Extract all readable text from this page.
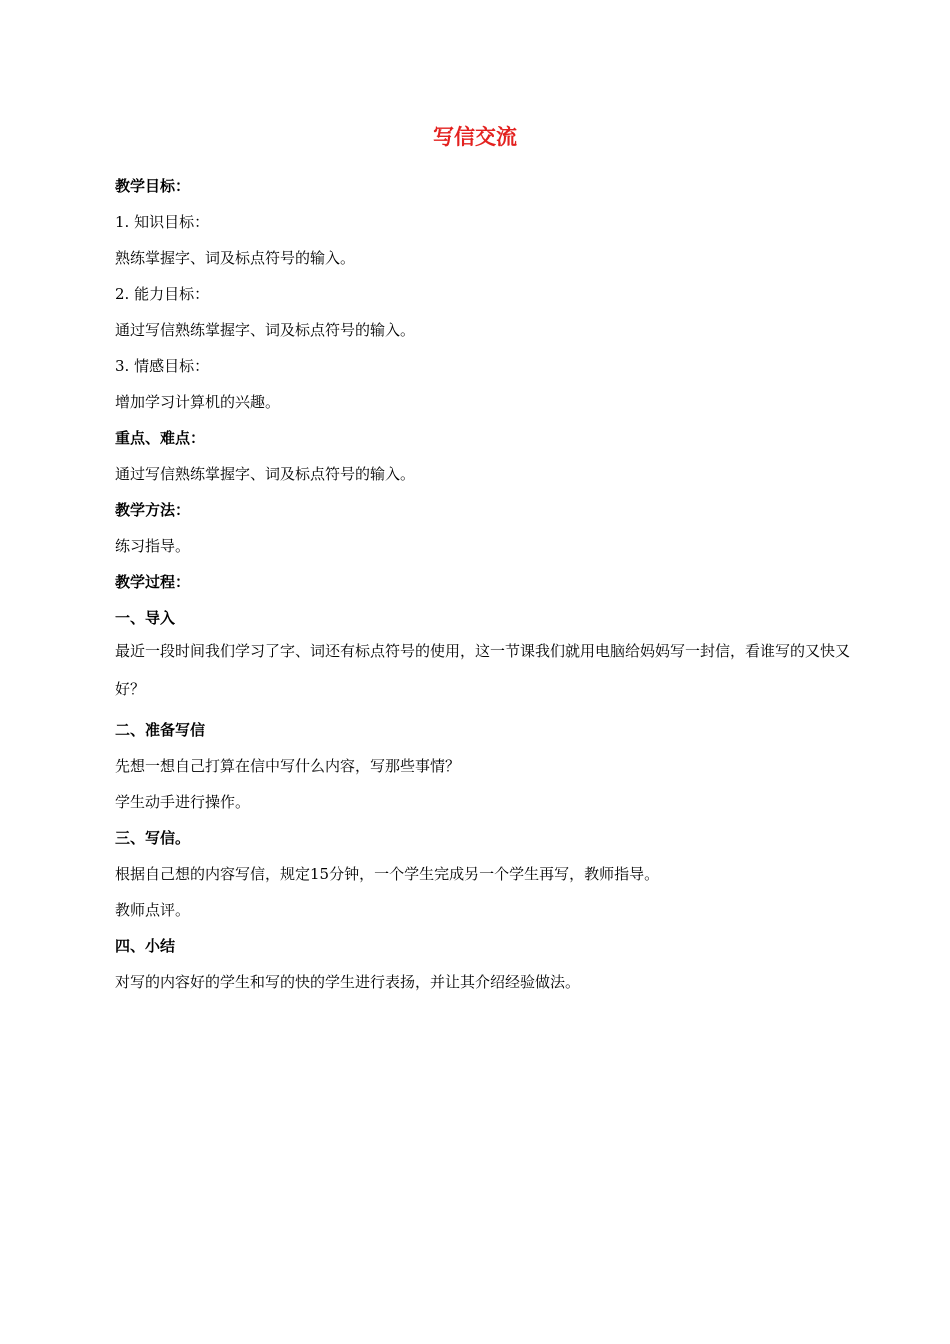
写信交流
教学目标：
1. 知识目标：
熟练掌握字、词及标点符号的输入。
2. 能力目标：
通过写信熟练掌握字、词及标点符号的输入。
3. 情感目标：
增加学习计算机的兴趣。
重点、难点：
通过写信熟练掌握字、词及标点符号的输入。
教学方法：
练习指导。
教学过程：
一、导入
最近一段时间我们学习了字、词还有标点符号的使用，这一节课我们就用电脑给妈妈写一封信，看谁写的又快又好？
二、准备写信
先想一想自己打算在信中写什么内容，写那些事情？
学生动手进行操作。
三、写信。
根据自己想的内容写信，规定15分钟，一个学生完成另一个学生再写，教师指导。
教师点评。
四、小结
对写的内容好的学生和写的快的学生进行表扬，并让其介绍经验做法。
